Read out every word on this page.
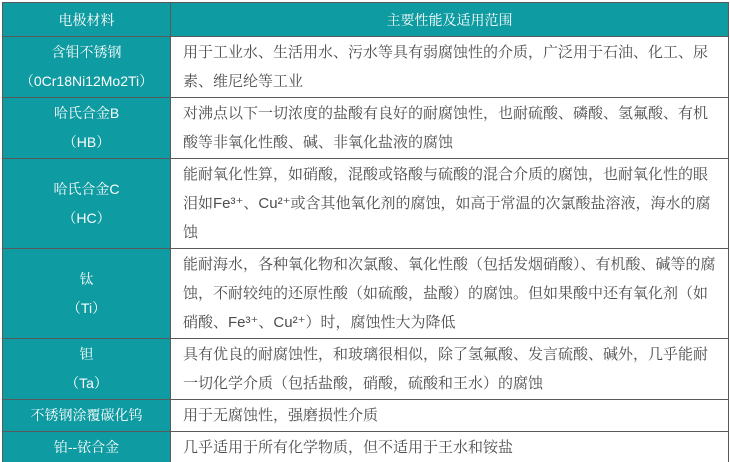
电极材料	主要性能及适用范围

含钼不锈钢
（0Cr18Ni12Mo2Ti）	用于工业水、生活用水、污水等具有弱腐蚀性的介质，广泛用于石油、化工、尿素、维尼纶等工业

哈氏合金B
（HB）	对沸点以下一切浓度的盐酸有良好的耐腐蚀性，也耐硫酸、磷酸、氢氟酸、有机酸等非氧化性酸、碱、非氧化盐液的腐蚀

哈氏合金C
（HC）	能耐氧化性算，如硝酸，混酸或铬酸与硫酸的混合介质的腐蚀，也耐氧化性的眼泪如Fe³⁺、Cu²⁺或含其他氧化剂的腐蚀，如高于常温的次氯酸盐溶液，海水的腐蚀

钛
（Ti）	能耐海水，各种氧化物和次氯酸、氧化性酸（包括发烟硝酸）、有机酸、碱等的腐蚀，不耐较纯的还原性酸（如硫酸，盐酸）的腐蚀。但如果酸中还有氧化剂（如硝酸、Fe³⁺、Cu²⁺）时，腐蚀性大为降低

钽
（Ta）	具有优良的耐腐蚀性，和玻璃很相似，除了氢氟酸、发言硫酸、碱外，几乎能耐一切化学介质（包括盐酸，硝酸，硫酸和王水）的腐蚀

不锈钢涂覆碳化钨	用于无腐蚀性，强磨损性介质

铂--铱合金	几乎适用于所有化学物质，但不适用于王水和铵盐
